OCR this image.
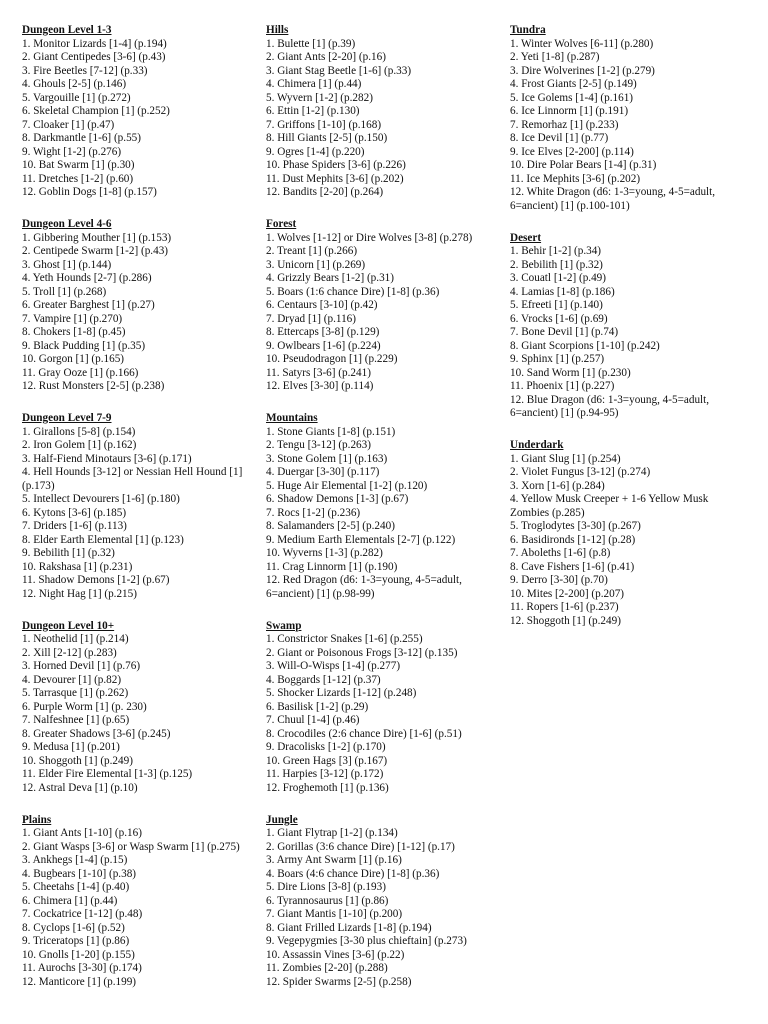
Dungeon Level 1-3
1. Monitor Lizards [1-4] (p.194)
2. Giant Centipedes [3-6] (p.43)
3. Fire Beetles [7-12] (p.33)
4. Ghouls [2-5] (p.146)
5. Vargouille [1] (p.272)
6. Skeletal Champion [1] (p.252)
7. Cloaker [1] (p.47)
8. Darkmantle [1-6] (p.55)
9. Wight [1-2] (p.276)
10. Bat Swarm [1] (p.30)
11. Dretches [1-2] (p.60)
12. Goblin Dogs [1-8] (p.157)
Dungeon Level 4-6
1. Gibbering Mouther [1] (p.153)
2. Centipede Swarm [1-2] (p.43)
3. Ghost [1] (p.144)
4. Yeth Hounds [2-7] (p.286)
5. Troll [1] (p.268)
6. Greater Barghest [1] (p.27)
7. Vampire [1] (p.270)
8. Chokers [1-8] (p.45)
9. Black Pudding [1] (p.35)
10. Gorgon [1] (p.165)
11. Gray Ooze [1] (p.166)
12. Rust Monsters [2-5] (p.238)
Dungeon Level 7-9
1. Girallons [5-8] (p.154)
2. Iron Golem [1] (p.162)
3. Half-Fiend Minotaurs [3-6] (p.171)
4. Hell Hounds [3-12] or Nessian Hell Hound [1] (p.173)
5. Intellect Devourers [1-6] (p.180)
6. Kytons [3-6] (p.185)
7. Driders [1-6] (p.113)
8. Elder Earth Elemental [1] (p.123)
9. Bebilith [1] (p.32)
10. Rakshasa [1] (p.231)
11. Shadow Demons [1-2] (p.67)
12. Night Hag [1] (p.215)
Dungeon Level 10+
1. Neothelid [1] (p.214)
2. Xill [2-12] (p.283)
3. Horned Devil [1] (p.76)
4. Devourer [1] (p.82)
5. Tarrasque [1] (p.262)
6. Purple Worm [1] (p. 230)
7. Nalfeshnee [1] (p.65)
8. Greater Shadows [3-6] (p.245)
9. Medusa [1] (p.201)
10. Shoggoth [1] (p.249)
11. Elder Fire Elemental [1-3] (p.125)
12. Astral Deva [1] (p.10)
Plains
1. Giant Ants [1-10] (p.16)
2. Giant Wasps [3-6] or Wasp Swarm [1] (p.275)
3. Ankhegs [1-4] (p.15)
4. Bugbears [1-10] (p.38)
5. Cheetahs [1-4] (p.40)
6. Chimera [1] (p.44)
7. Cockatrice [1-12] (p.48)
8. Cyclops [1-6] (p.52)
9. Triceratops [1] (p.86)
10. Gnolls [1-20] (p.155)
11. Aurochs [3-30] (p.174)
12. Manticore [1] (p.199)
Hills
1. Bulette [1] (p.39)
2. Giant Ants [2-20] (p.16)
3. Giant Stag Beetle [1-6] (p.33)
4. Chimera [1] (p.44)
5. Wyvern [1-2] (p.282)
6. Ettin [1-2] (p.130)
7. Griffons [1-10] (p.168)
8. Hill Giants [2-5] (p.150)
9. Ogres [1-4] (p.220)
10. Phase Spiders [3-6] (p.226)
11. Dust Mephits [3-6] (p.202)
12. Bandits [2-20] (p.264)
Forest
1. Wolves [1-12] or Dire Wolves [3-8] (p.278)
2. Treant [1] (p.266)
3. Unicorn [1] (p.269)
4. Grizzly Bears [1-2] (p.31)
5. Boars (1:6 chance Dire) [1-8] (p.36)
6. Centaurs [3-10] (p.42)
7. Dryad [1] (p.116)
8. Ettercaps [3-8] (p.129)
9. Owlbears [1-6] (p.224)
10. Pseudodragon [1] (p.229)
11. Satyrs [3-6] (p.241)
12. Elves [3-30] (p.114)
Mountains
1. Stone Giants [1-8] (p.151)
2. Tengu [3-12] (p.263)
3. Stone Golem [1] (p.163)
4. Duergar [3-30] (p.117)
5. Huge Air Elemental [1-2] (p.120)
6. Shadow Demons [1-3] (p.67)
7. Rocs [1-2] (p.236)
8. Salamanders [2-5] (p.240)
9. Medium Earth Elementals [2-7] (p.122)
10. Wyverns [1-3] (p.282)
11. Crag Linnorm [1] (p.190)
12. Red Dragon (d6: 1-3=young, 4-5=adult, 6=ancient) [1] (p.98-99)
Swamp
1. Constrictor Snakes [1-6] (p.255)
2. Giant or Poisonous Frogs [3-12] (p.135)
3. Will-O-Wisps [1-4] (p.277)
4. Boggards [1-12] (p.37)
5. Shocker Lizards [1-12] (p.248)
6. Basilisk [1-2] (p.29)
7. Chuul [1-4] (p.46)
8. Crocodiles (2:6 chance Dire) [1-6] (p.51)
9. Dracolisks [1-2] (p.170)
10. Green Hags [3] (p.167)
11. Harpies [3-12] (p.172)
12. Froghemoth [1] (p.136)
Jungle
1. Giant Flytrap [1-2] (p.134)
2. Gorillas (3:6 chance Dire) [1-12] (p.17)
3. Army Ant Swarm [1] (p.16)
4. Boars (4:6 chance Dire) [1-8] (p.36)
5. Dire Lions [3-8] (p.193)
6. Tyrannosaurus [1] (p.86)
7. Giant Mantis [1-10] (p.200)
8. Giant Frilled Lizards [1-8] (p.194)
9. Vegepygmies [3-30 plus chieftain] (p.273)
10. Assassin Vines [3-6] (p.22)
11. Zombies [2-20] (p.288)
12. Spider Swarms [2-5] (p.258)
Tundra
1. Winter Wolves [6-11] (p.280)
2. Yeti [1-8] (p.287)
3. Dire Wolverines [1-2] (p.279)
4. Frost Giants [2-5] (p.149)
5. Ice Golems [1-4] (p.161)
6. Ice Linnorm [1] (p.191)
7. Remorhaz [1] (p.233)
8. Ice Devil [1] (p.77)
9. Ice Elves [2-200] (p.114)
10. Dire Polar Bears [1-4] (p.31)
11. Ice Mephits [3-6] (p.202)
12. White Dragon (d6: 1-3=young, 4-5=adult, 6=ancient) [1] (p.100-101)
Desert
1. Behir [1-2] (p.34)
2. Bebilith [1] (p.32)
3. Couatl [1-2] (p.49)
4. Lamias [1-8] (p.186)
5. Efreeti [1] (p.140)
6. Vrocks [1-6] (p.69)
7. Bone Devil [1] (p.74)
8. Giant Scorpions [1-10] (p.242)
9. Sphinx [1] (p.257)
10. Sand Worm [1] (p.230)
11. Phoenix [1] (p.227)
12. Blue Dragon (d6: 1-3=young, 4-5=adult, 6=ancient) [1] (p.94-95)
Underdark
1. Giant Slug [1] (p.254)
2. Violet Fungus [3-12] (p.274)
3. Xorn [1-6] (p.284)
4. Yellow Musk Creeper + 1-6 Yellow Musk Zombies (p.285)
5. Troglodytes [3-30] (p.267)
6. Basidironds [1-12] (p.28)
7. Aboleths [1-6] (p.8)
8. Cave Fishers [1-6] (p.41)
9. Derro [3-30] (p.70)
10. Mites [2-200] (p.207)
11. Ropers [1-6] (p.237)
12. Shoggoth [1] (p.249)
